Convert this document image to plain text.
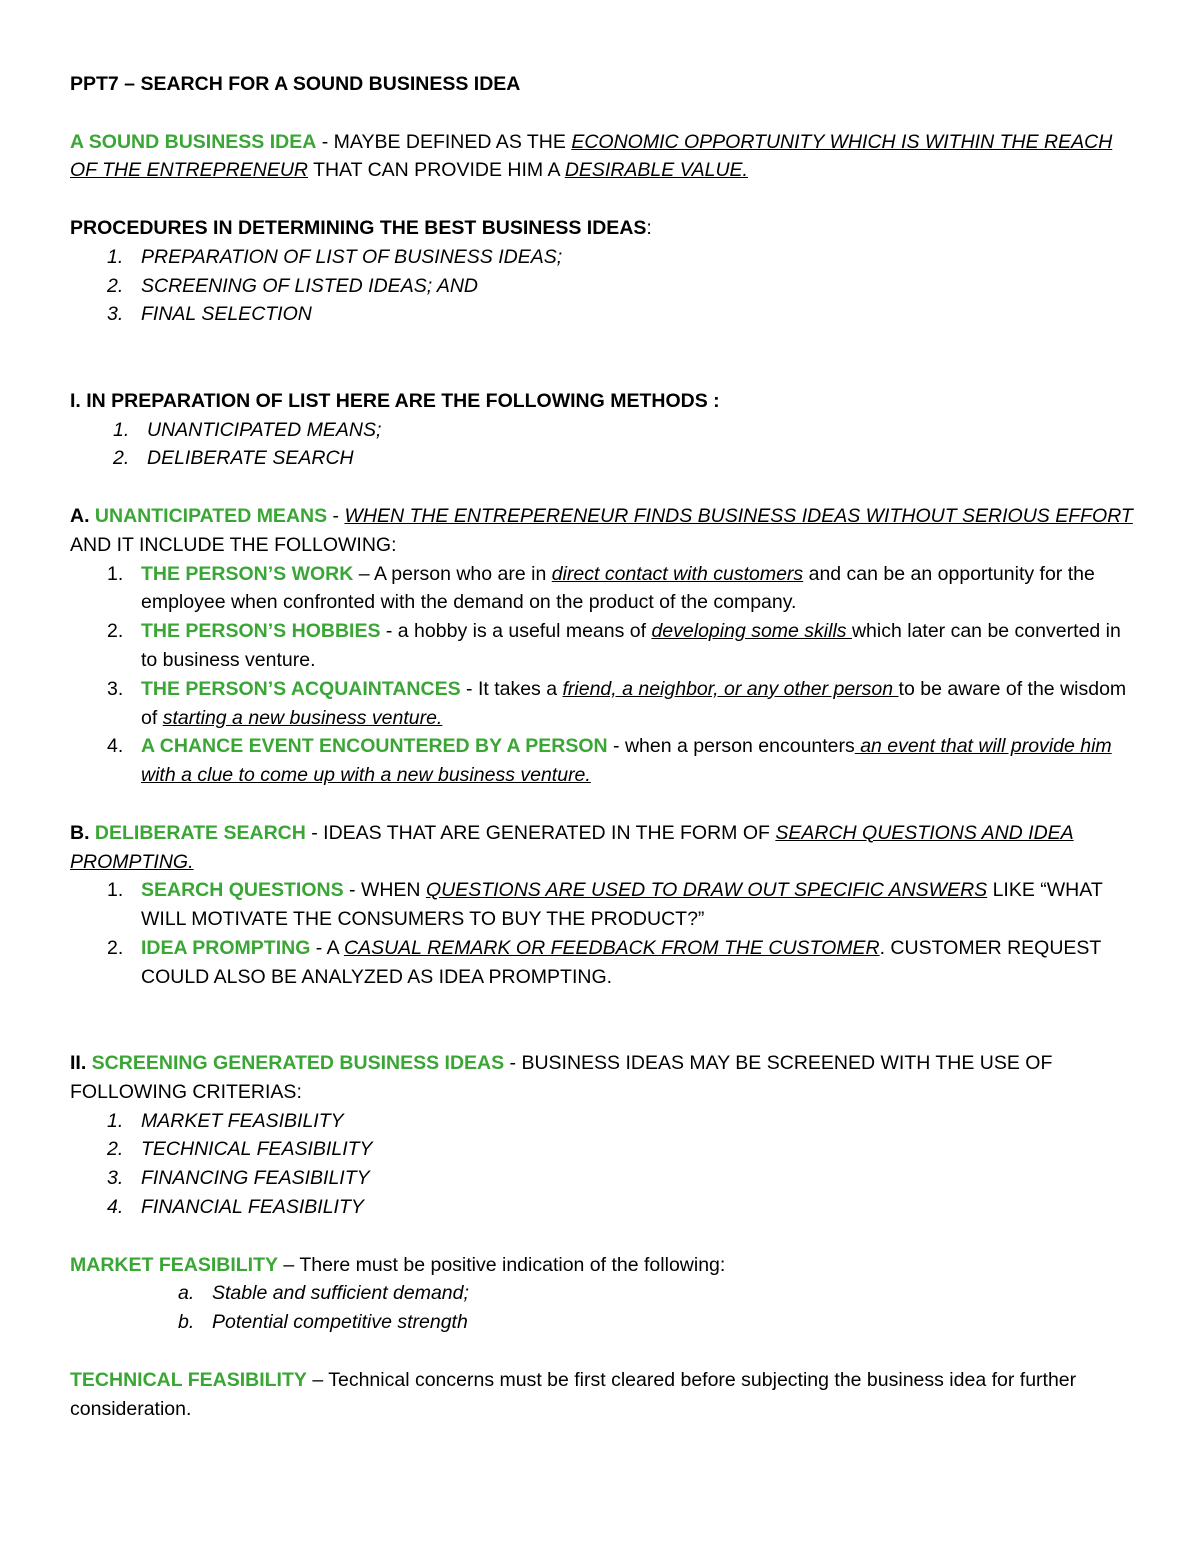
PPT7 – SEARCH FOR A SOUND BUSINESS IDEA

A SOUND BUSINESS IDEA - MAYBE DEFINED AS THE ECONOMIC OPPORTUNITY WHICH IS WITHIN THE REACH OF THE ENTREPRENEUR THAT CAN PROVIDE HIM A DESIRABLE VALUE.

PROCEDURES IN DETERMINING THE BEST BUSINESS IDEAS:

1. PREPARATION OF LIST OF BUSINESS IDEAS;
2. SCREENING OF LISTED IDEAS; AND
3. FINAL SELECTION

I. IN PREPARATION OF LIST HERE ARE THE FOLLOWING METHODS :

1. UNANTICIPATED MEANS;
2. DELIBERATE SEARCH

A. UNANTICIPATED MEANS - WHEN THE ENTREPERENEUR FINDS BUSINESS IDEAS WITHOUT SERIOUS EFFORT AND IT INCLUDE THE FOLLOWING:

1. THE PERSON’S WORK – A person who are in direct contact with customers and can be an opportunity for the employee when confronted with the demand on the product of the company.
2. THE PERSON’S HOBBIES - a hobby is a useful means of developing some skills which later can be converted in to business venture.
3. THE PERSON’S ACQUAINTANCES - It takes a friend, a neighbor, or any other person to be aware of the wisdom of starting a new business venture.
4. A CHANCE EVENT ENCOUNTERED BY A PERSON - when a person encounters an event that will provide him with a clue to come up with a new business venture.

B. DELIBERATE SEARCH - IDEAS THAT ARE GENERATED IN THE FORM OF SEARCH QUESTIONS AND IDEA PROMPTING.

1. SEARCH QUESTIONS - WHEN QUESTIONS ARE USED TO DRAW OUT SPECIFIC ANSWERS LIKE “WHAT WILL MOTIVATE THE CONSUMERS TO BUY THE PRODUCT?”
2. IDEA PROMPTING - A CASUAL REMARK OR FEEDBACK FROM THE CUSTOMER. CUSTOMER REQUEST COULD ALSO BE ANALYZED AS IDEA PROMPTING.

II. SCREENING GENERATED BUSINESS IDEAS - BUSINESS IDEAS MAY BE SCREENED WITH THE USE OF FOLLOWING CRITERIAS:

1. MARKET FEASIBILITY
2. TECHNICAL FEASIBILITY
3. FINANCING FEASIBILITY
4. FINANCIAL FEASIBILITY

MARKET FEASIBILITY – There must be positive indication of the following:

a. Stable and sufficient demand;
b. Potential competitive strength

TECHNICAL FEASIBILITY – Technical concerns must be first cleared before subjecting the business idea for further consideration.
